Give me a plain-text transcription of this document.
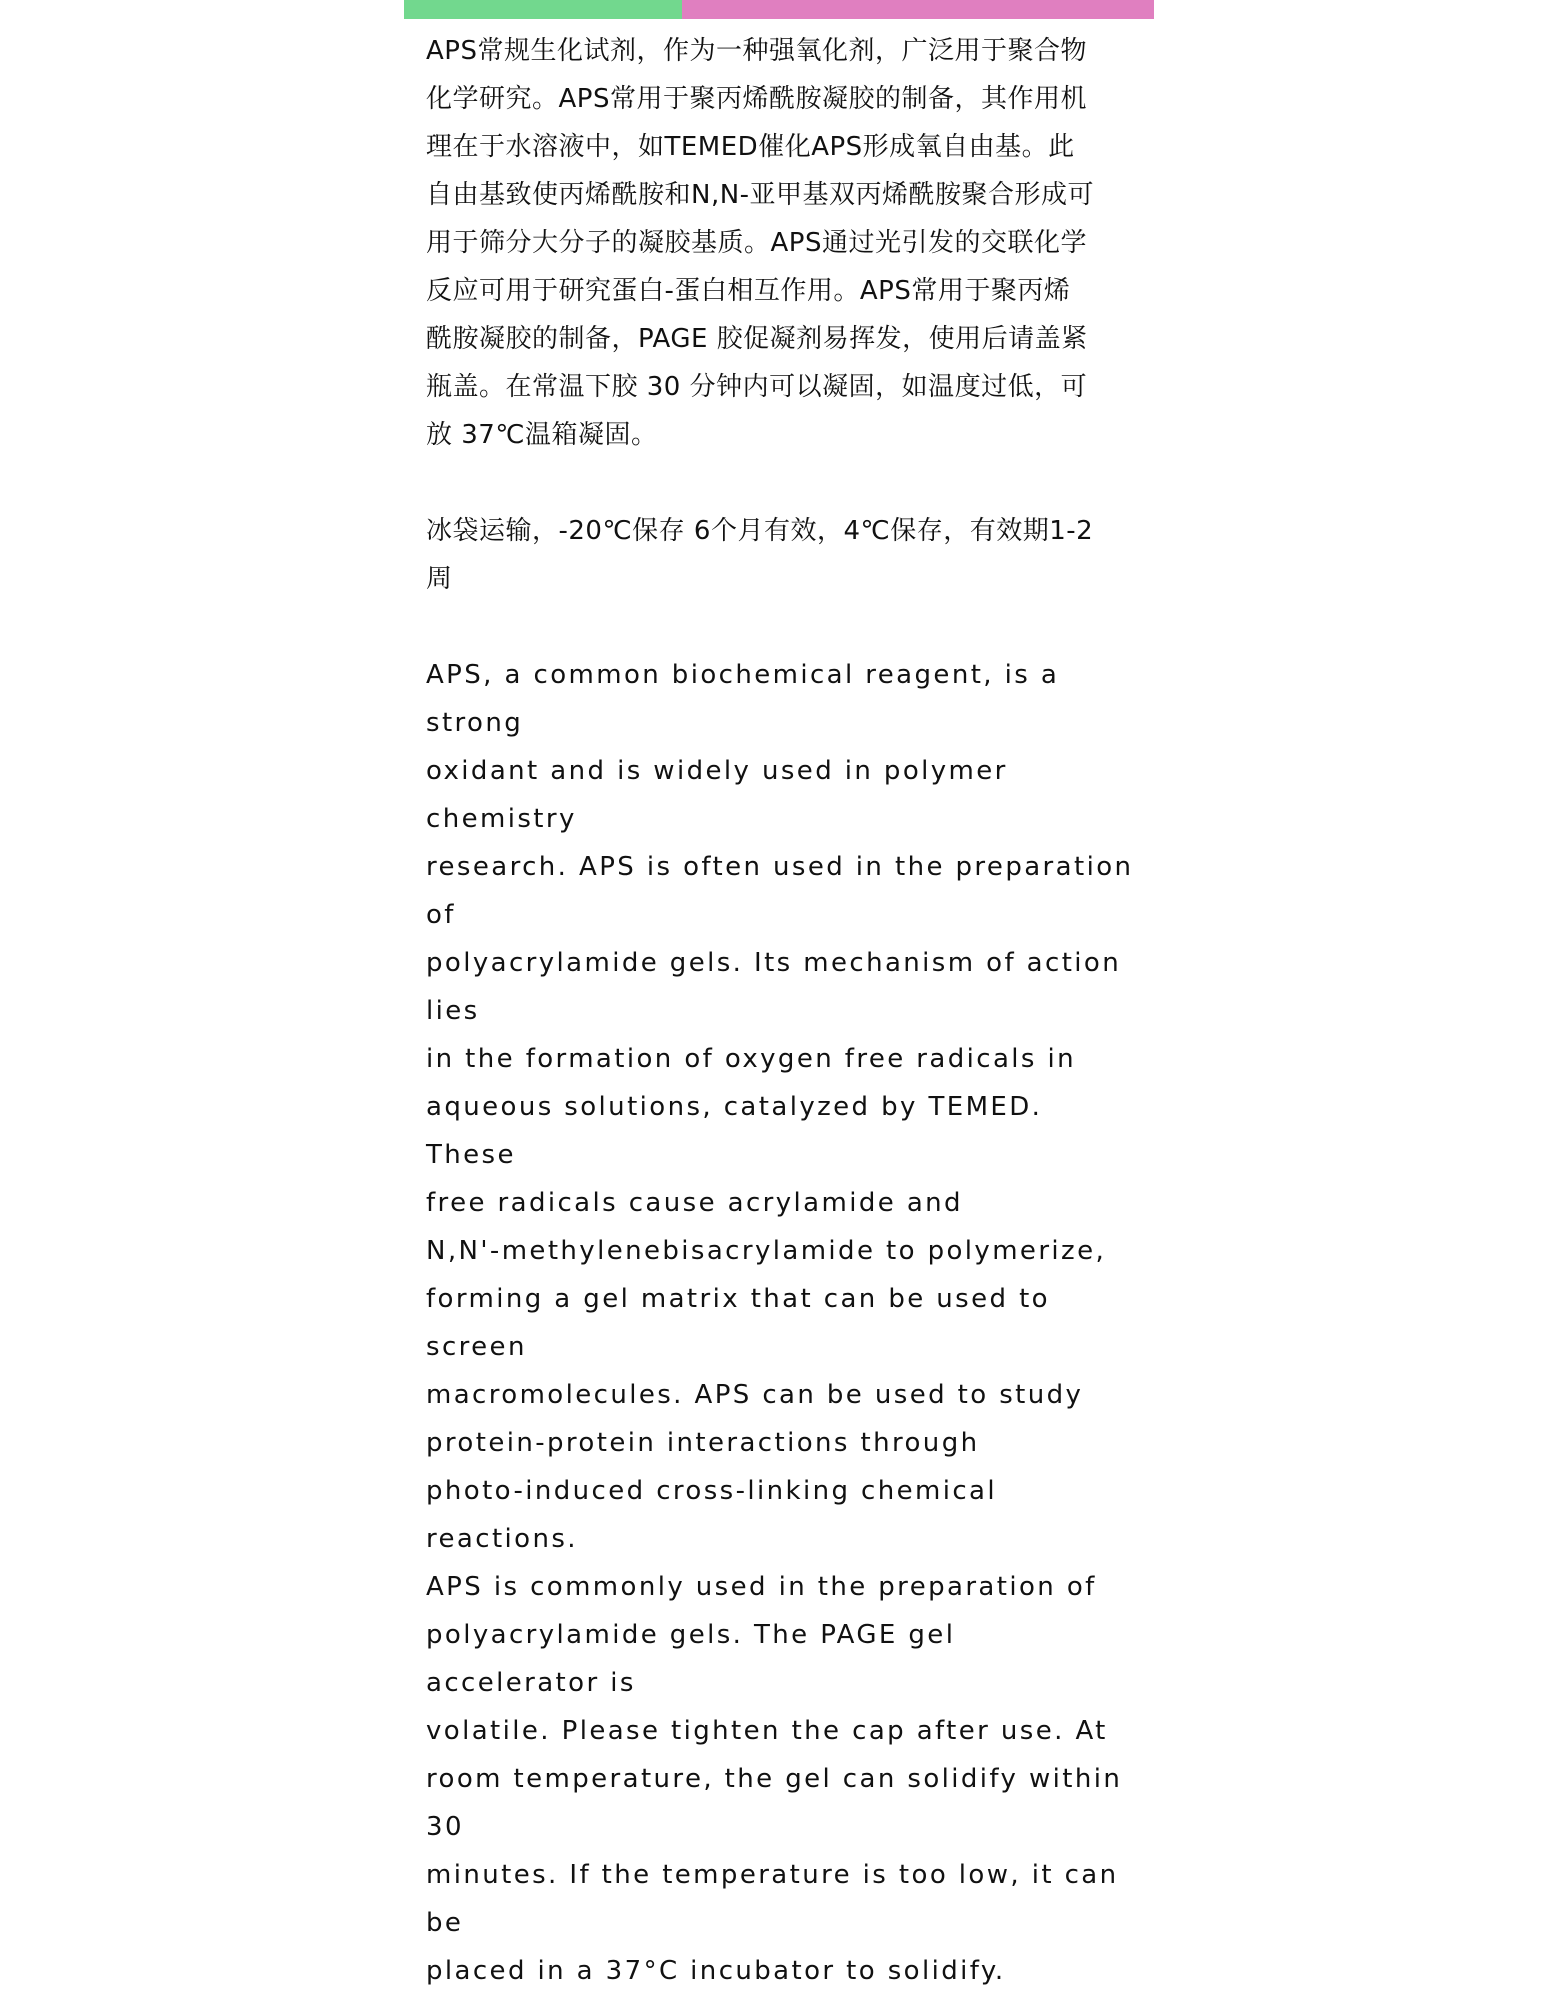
APS常规生化试剂，作为一种强氧化剂，广泛用于聚合物
化学研究。APS常用于聚丙烯酰胺凝胶的制备，其作用机
理在于水溶液中，如TEMED催化APS形成氧自由基。此
自由基致使丙烯酰胺和N,N-亚甲基双丙烯酰胺聚合形成可
用于筛分大分子的凝胶基质。APS通过光引发的交联化学
反应可用于研究蛋白-蛋白相互作用。APS常用于聚丙烯
酰胺凝胶的制备，PAGE 胶促凝剂易挥发，使用后请盖紧
瓶盖。在常温下胶 30 分钟内可以凝固，如温度过低，可
放 37℃温箱凝固。

冰袋运输，-20℃保存 6个月有效，4℃保存，有效期1-2
周

APS, a common biochemical reagent, is a strong
oxidant and is widely used in polymer chemistry
research. APS is often used in the preparation of
polyacrylamide gels. Its mechanism of action lies
in the formation of oxygen free radicals in
aqueous solutions, catalyzed by TEMED. These
free radicals cause acrylamide and
N,N'-methylenebisacrylamide to polymerize,
forming a gel matrix that can be used to screen
macromolecules. APS can be used to study
protein-protein interactions through
photo-induced cross-linking chemical reactions.
APS is commonly used in the preparation of
polyacrylamide gels. The PAGE gel accelerator is
volatile. Please tighten the cap after use. At
room temperature, the gel can solidify within 30
minutes. If the temperature is too low, it can be
placed in a 37°C incubator to solidify.
